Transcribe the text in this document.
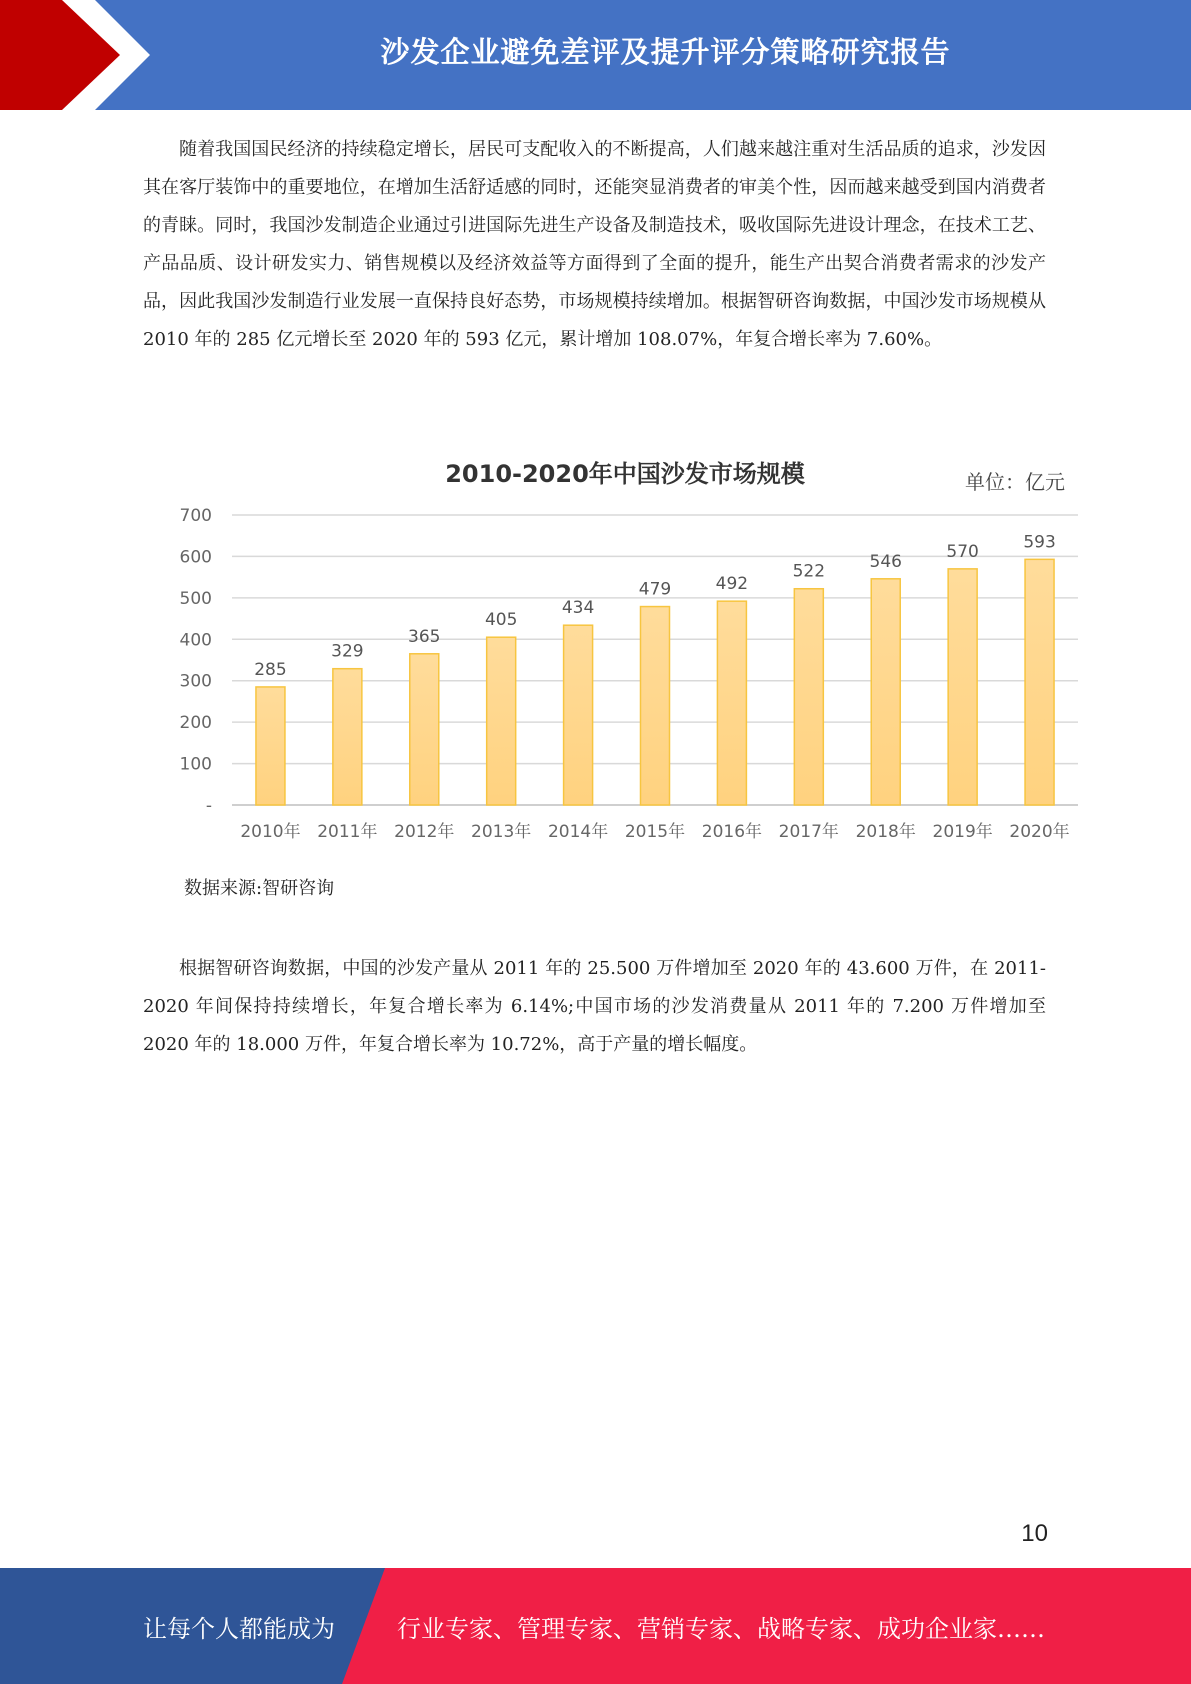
沙发企业避免差评及提升评分策略研究报告
随着我国国民经济的持续稳定增长，居民可支配收入的不断提高，人们越来越注重对生活品质的追求，沙发因其在客厅装饰中的重要地位，在增加生活舒适感的同时，还能突显消费者的审美个性，因而越来越受到国内消费者的青睐。同时，我国沙发制造企业通过引进国际先进生产设备及制造技术，吸收国际先进设计理念，在技术工艺、产品品质、设计研发实力、销售规模以及经济效益等方面得到了全面的提升，能生产出契合消费者需求的沙发产品，因此我国沙发制造行业发展一直保持良好态势，市场规模持续增加。根据智研咨询数据，中国沙发市场规模从 2010 年的 285 亿元增长至 2020 年的 593 亿元，累计增加 108.07%，年复合增长率为 7.60%。
2010-2020年中国沙发市场规模	单位：亿元
-
100
200
300
400
500
600
700
285
2010年
329
2011年
365
2012年
405
2013年
434
2014年
479
2015年
492
2016年
522
2017年
546
2018年
570
2019年
593
2020年
数据来源:智研咨询
根据智研咨询数据，中国的沙发产量从 2011 年的 25.500 万件增加至 2020 年的 43.600 万件，在 2011-2020 年间保持持续增长，年复合增长率为 6.14%;中国市场的沙发消费量从 2011 年的 7.200 万件增加至 2020 年的 18.000 万件，年复合增长率为 10.72%，高于产量的增长幅度。
10
让每个人都能成为	行业专家、管理专家、营销专家、战略专家、成功企业家……
